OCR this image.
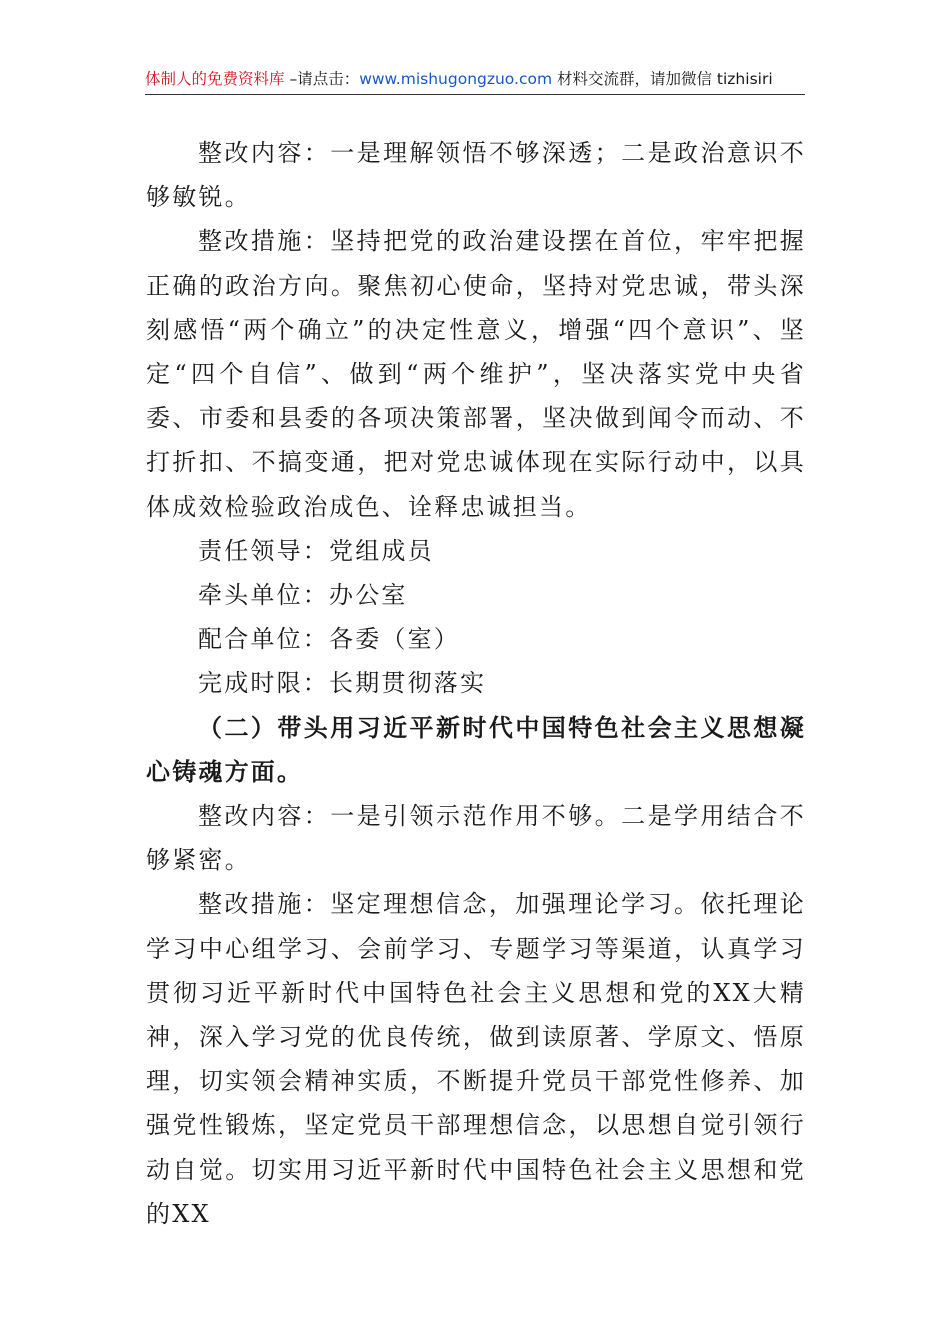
体制人的免费资料库 –请点击：www.mishugongzuo.com 材料交流群，请加微信 tizhisiri

整改内容：一是理解领悟不够深透；二是政治意识不够敏锐。

整改措施：坚持把党的政治建设摆在首位，牢牢把握正确的政治方向。聚焦初心使命，坚持对党忠诚，带头深刻感悟“两个确立”的决定性意义，增强“四个意识”、坚定“四个自信”、做到“两个维护”，坚决落实党中央省委、市委和县委的各项决策部署，坚决做到闻令而动、不打折扣、不搞变通，把对党忠诚体现在实际行动中，以具体成效检验政治成色、诠释忠诚担当。

责任领导：党组成员

牵头单位：办公室

配合单位：各委（室）

完成时限：长期贯彻落实

（二）带头用习近平新时代中国特色社会主义思想凝心铸魂方面。

整改内容：一是引领示范作用不够。二是学用结合不够紧密。

整改措施：坚定理想信念，加强理论学习。依托理论学习中心组学习、会前学习、专题学习等渠道，认真学习贯彻习近平新时代中国特色社会主义思想和党的XX大精神，深入学习党的优良传统，做到读原著、学原文、悟原理，切实领会精神实质，不断提升党员干部党性修养、加强党性锻炼，坚定党员干部理想信念，以思想自觉引领行动自觉。切实用习近平新时代中国特色社会主义思想和党的XX
